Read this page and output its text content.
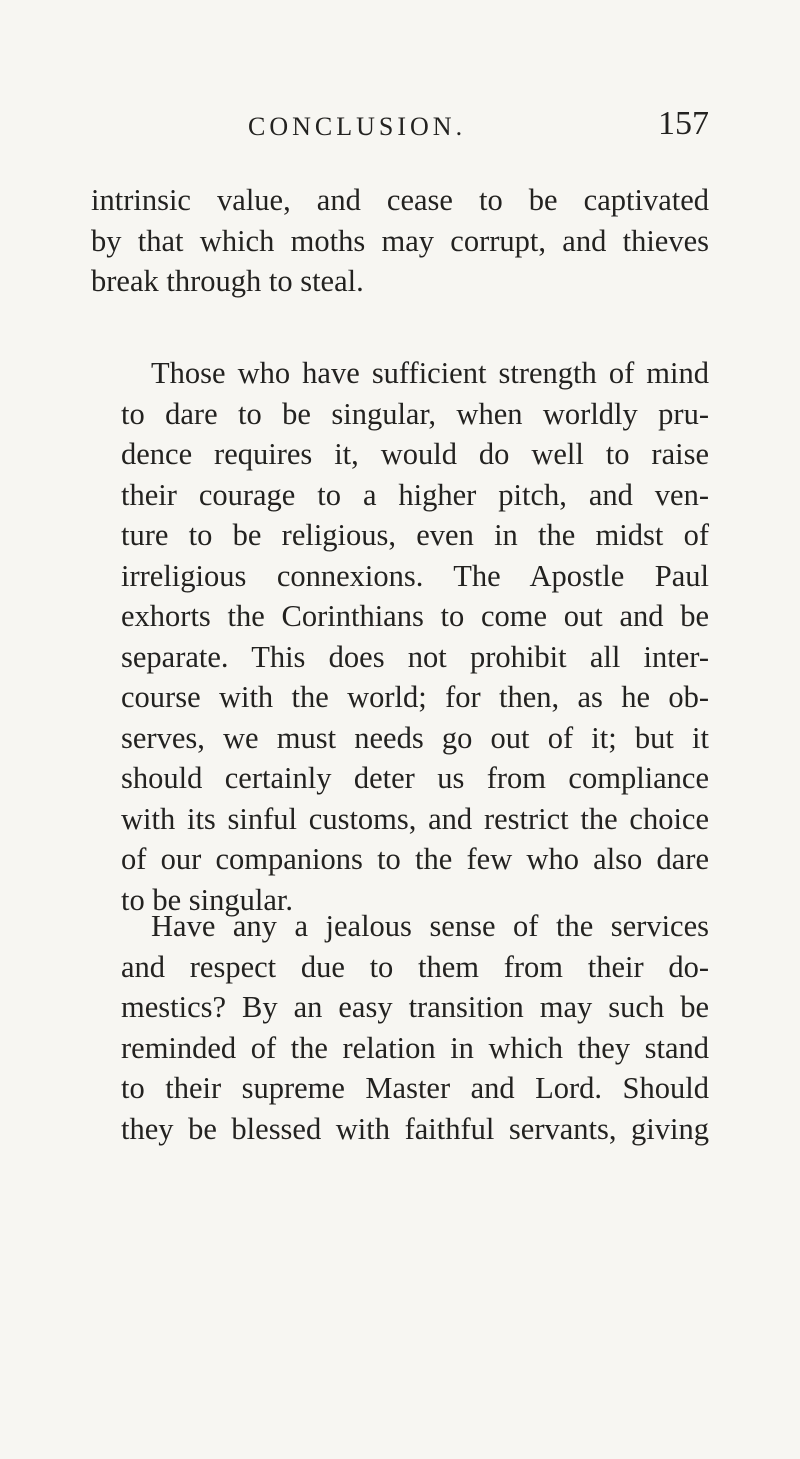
CONCLUSION.	157
intrinsic value, and cease to be captivated
by that which moths may corrupt, and thieves
break through to steal.
Those who have sufficient strength of mind
to dare to be singular, when worldly pru-
dence requires it, would do well to raise
their courage to a higher pitch, and ven-
ture to be religious, even in the midst of
irreligious connexions. The Apostle Paul
exhorts the Corinthians to come out and be
separate. This does not prohibit all inter-
course with the world; for then, as he ob-
serves, we must needs go out of it; but it
should certainly deter us from compliance
with its sinful customs, and restrict the choice
of our companions to the few who also dare
to be singular.
Have any a jealous sense of the services
and respect due to them from their do-
mestics? By an easy transition may such be
reminded of the relation in which they stand
to their supreme Master and Lord. Should
they be blessed with faithful servants, giving
